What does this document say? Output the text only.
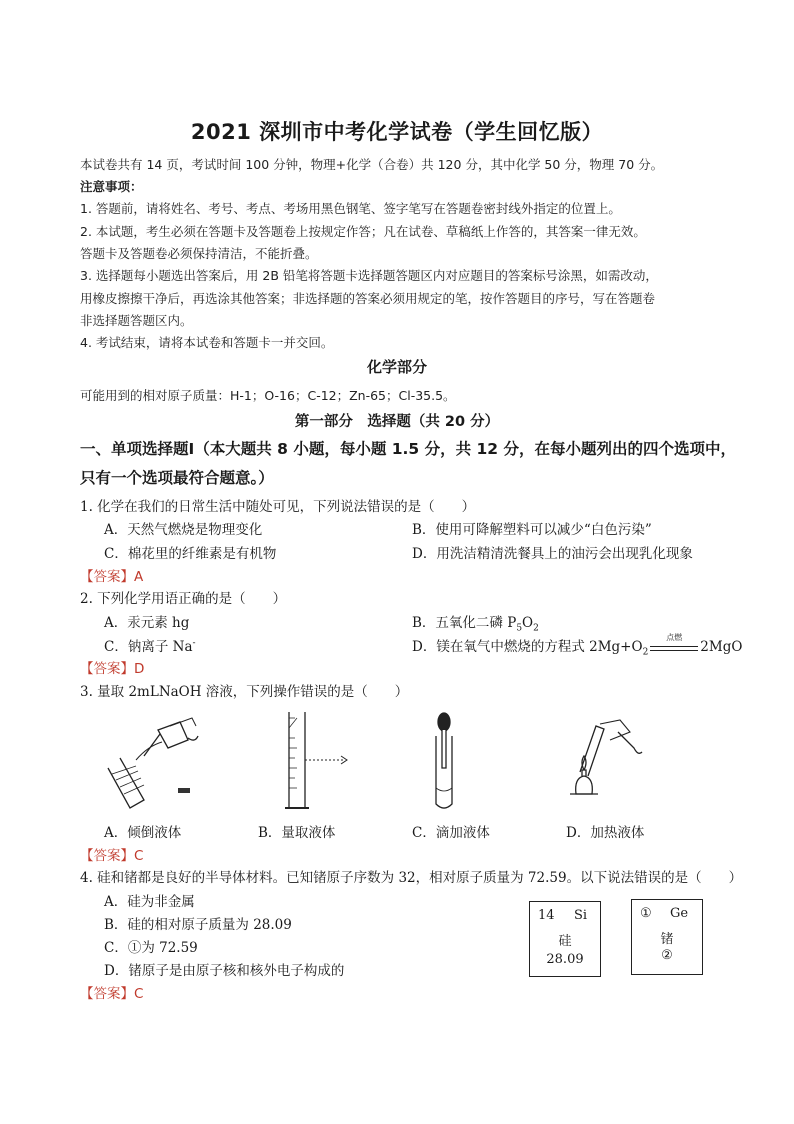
2021 深圳市中考化学试卷（学生回忆版）
本试卷共有 14 页，考试时间 100 分钟，物理+化学（合卷）共 120 分，其中化学 50 分，物理 70 分。
注意事项：
1. 答题前，请将姓名、考号、考点、考场用黑色钢笔、签字笔写在答题卷密封线外指定的位置上。
2. 本试题，考生必须在答题卡及答题卷上按规定作答；凡在试卷、草稿纸上作答的，其答案一律无效。
答题卡及答题卷必须保持清洁，不能折叠。
3. 选择题每小题选出答案后，用 2B 铅笔将答题卡选择题答题区内对应题目的答案标号涂黑，如需改动，
用橡皮擦擦干净后，再选涂其他答案；非选择题的答案必须用规定的笔，按作答题目的序号，写在答题卷
非选择题答题区内。
4. 考试结束，请将本试卷和答题卡一并交回。
化学部分
可能用到的相对原子质量：H-1；O-16；C-12；Zn-65；Cl-35.5。
第一部分　选择题（共 20 分）
一、单项选择题Ⅰ（本大题共 8 小题，每小题 1.5 分，共 12 分，在每小题列出的四个选项中，
只有一个选项最符合题意。）
1. 化学在我们的日常生活中随处可见，下列说法错误的是（　　）
A．天然气燃烧是物理变化	B．使用可降解塑料可以减少“白色污染”
C．棉花里的纤维素是有机物	D．用洗洁精清洗餐具上的油污会出现乳化现象
【答案】A
2. 下列化学用语正确的是（　　）
A．汞元素 hg	B．五氧化二磷 $P_5O_2$
C．钠离子 Na-	D．镁在氧气中燃烧的方程式 $2Mg+O_2$
点燃
2MgO
【答案】D
3. 量取 2mLNaOH 溶液，下列操作错误的是（　　）
A．倾倒液体	B．量取液体	C．滴加液体	D．加热液体
【答案】C
4. 硅和锗都是良好的半导体材料。已知锗原子序数为 32，相对原子质量为 72.59。以下说法错误的是（　　）
A．硅为非金属
B．硅的相对原子质量为 28.09
C．①为 72.59
D．锗原子是由原子核和核外电子构成的
【答案】C
14 Si
硅
28.09
① Ge
锗
②
